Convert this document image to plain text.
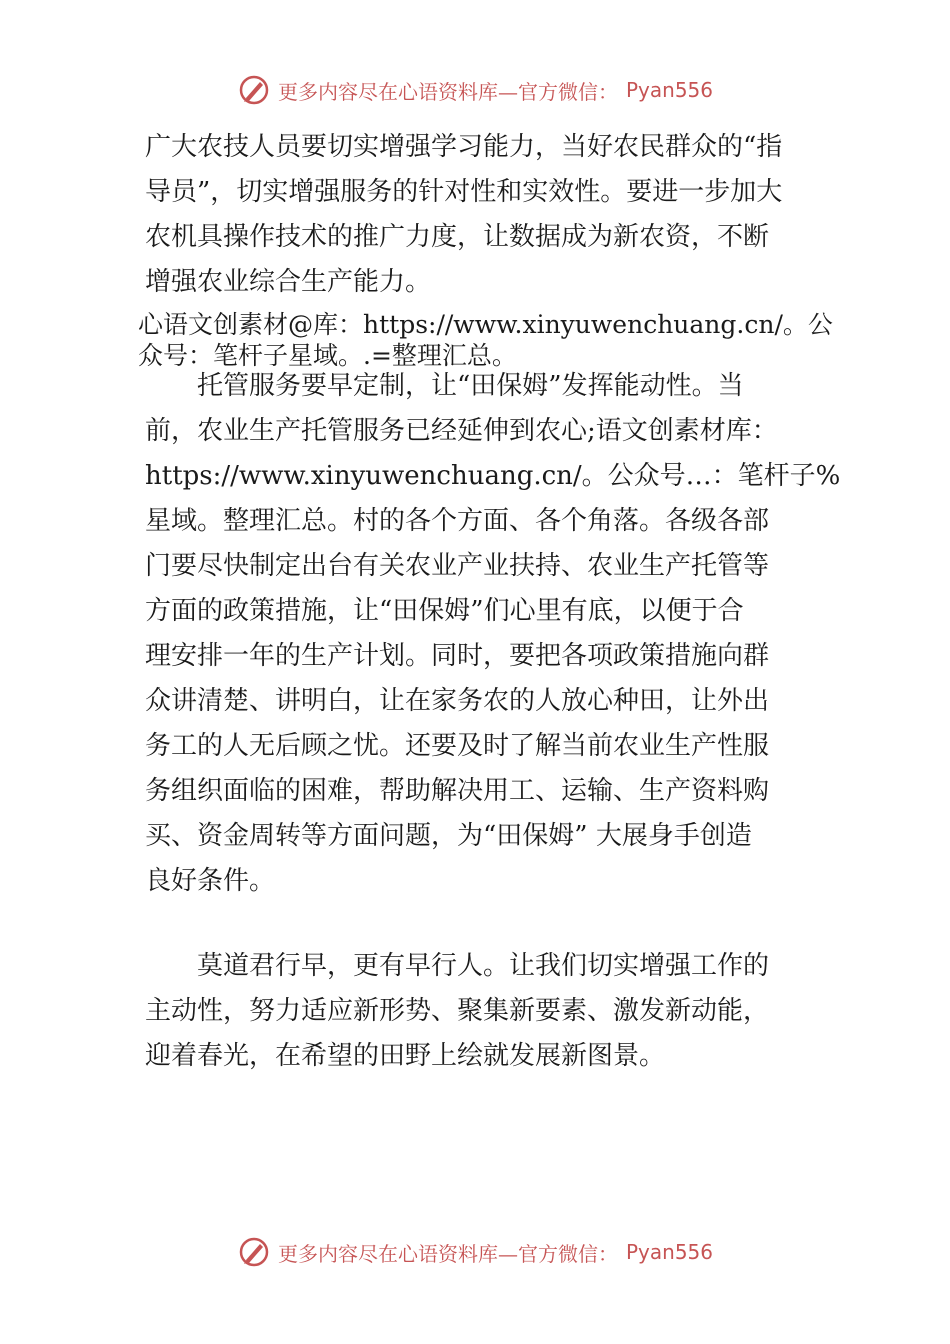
更多内容尽在心语资料库—官方微信： Pyan556
广大农技人员要切实增强学习能力，当好农民群众的“指
导员”，切实增强服务的针对性和实效性。要进一步加大
农机具操作技术的推广力度，让数据成为新农资，不断
增强农业综合生产能力。
心语文创素材@库：https://www.xinyuwenchuang.cn/。公
众号：笔杆子星域。.=整理汇总。
托管服务要早定制，让“田保姆”发挥能动性。当
前，农业生产托管服务已经延伸到农心;语文创素材库：
https://www.xinyuwenchuang.cn/。公众号…：笔杆子%
星域。整理汇总。村的各个方面、各个角落。各级各部
门要尽快制定出台有关农业产业扶持、农业生产托管等
方面的政策措施，让“田保姆”们心里有底，以便于合
理安排一年的生产计划。同时，要把各项政策措施向群
众讲清楚、讲明白，让在家务农的人放心种田，让外出
务工的人无后顾之忧。还要及时了解当前农业生产性服
务组织面临的困难，帮助解决用工、运输、生产资料购
买、资金周转等方面问题，为“田保姆” 大展身手创造
良好条件。
莫道君行早，更有早行人。让我们切实增强工作的
主动性，努力适应新形势、聚集新要素、激发新动能，
迎着春光，在希望的田野上绘就发展新图景。
更多内容尽在心语资料库—官方微信： Pyan556
